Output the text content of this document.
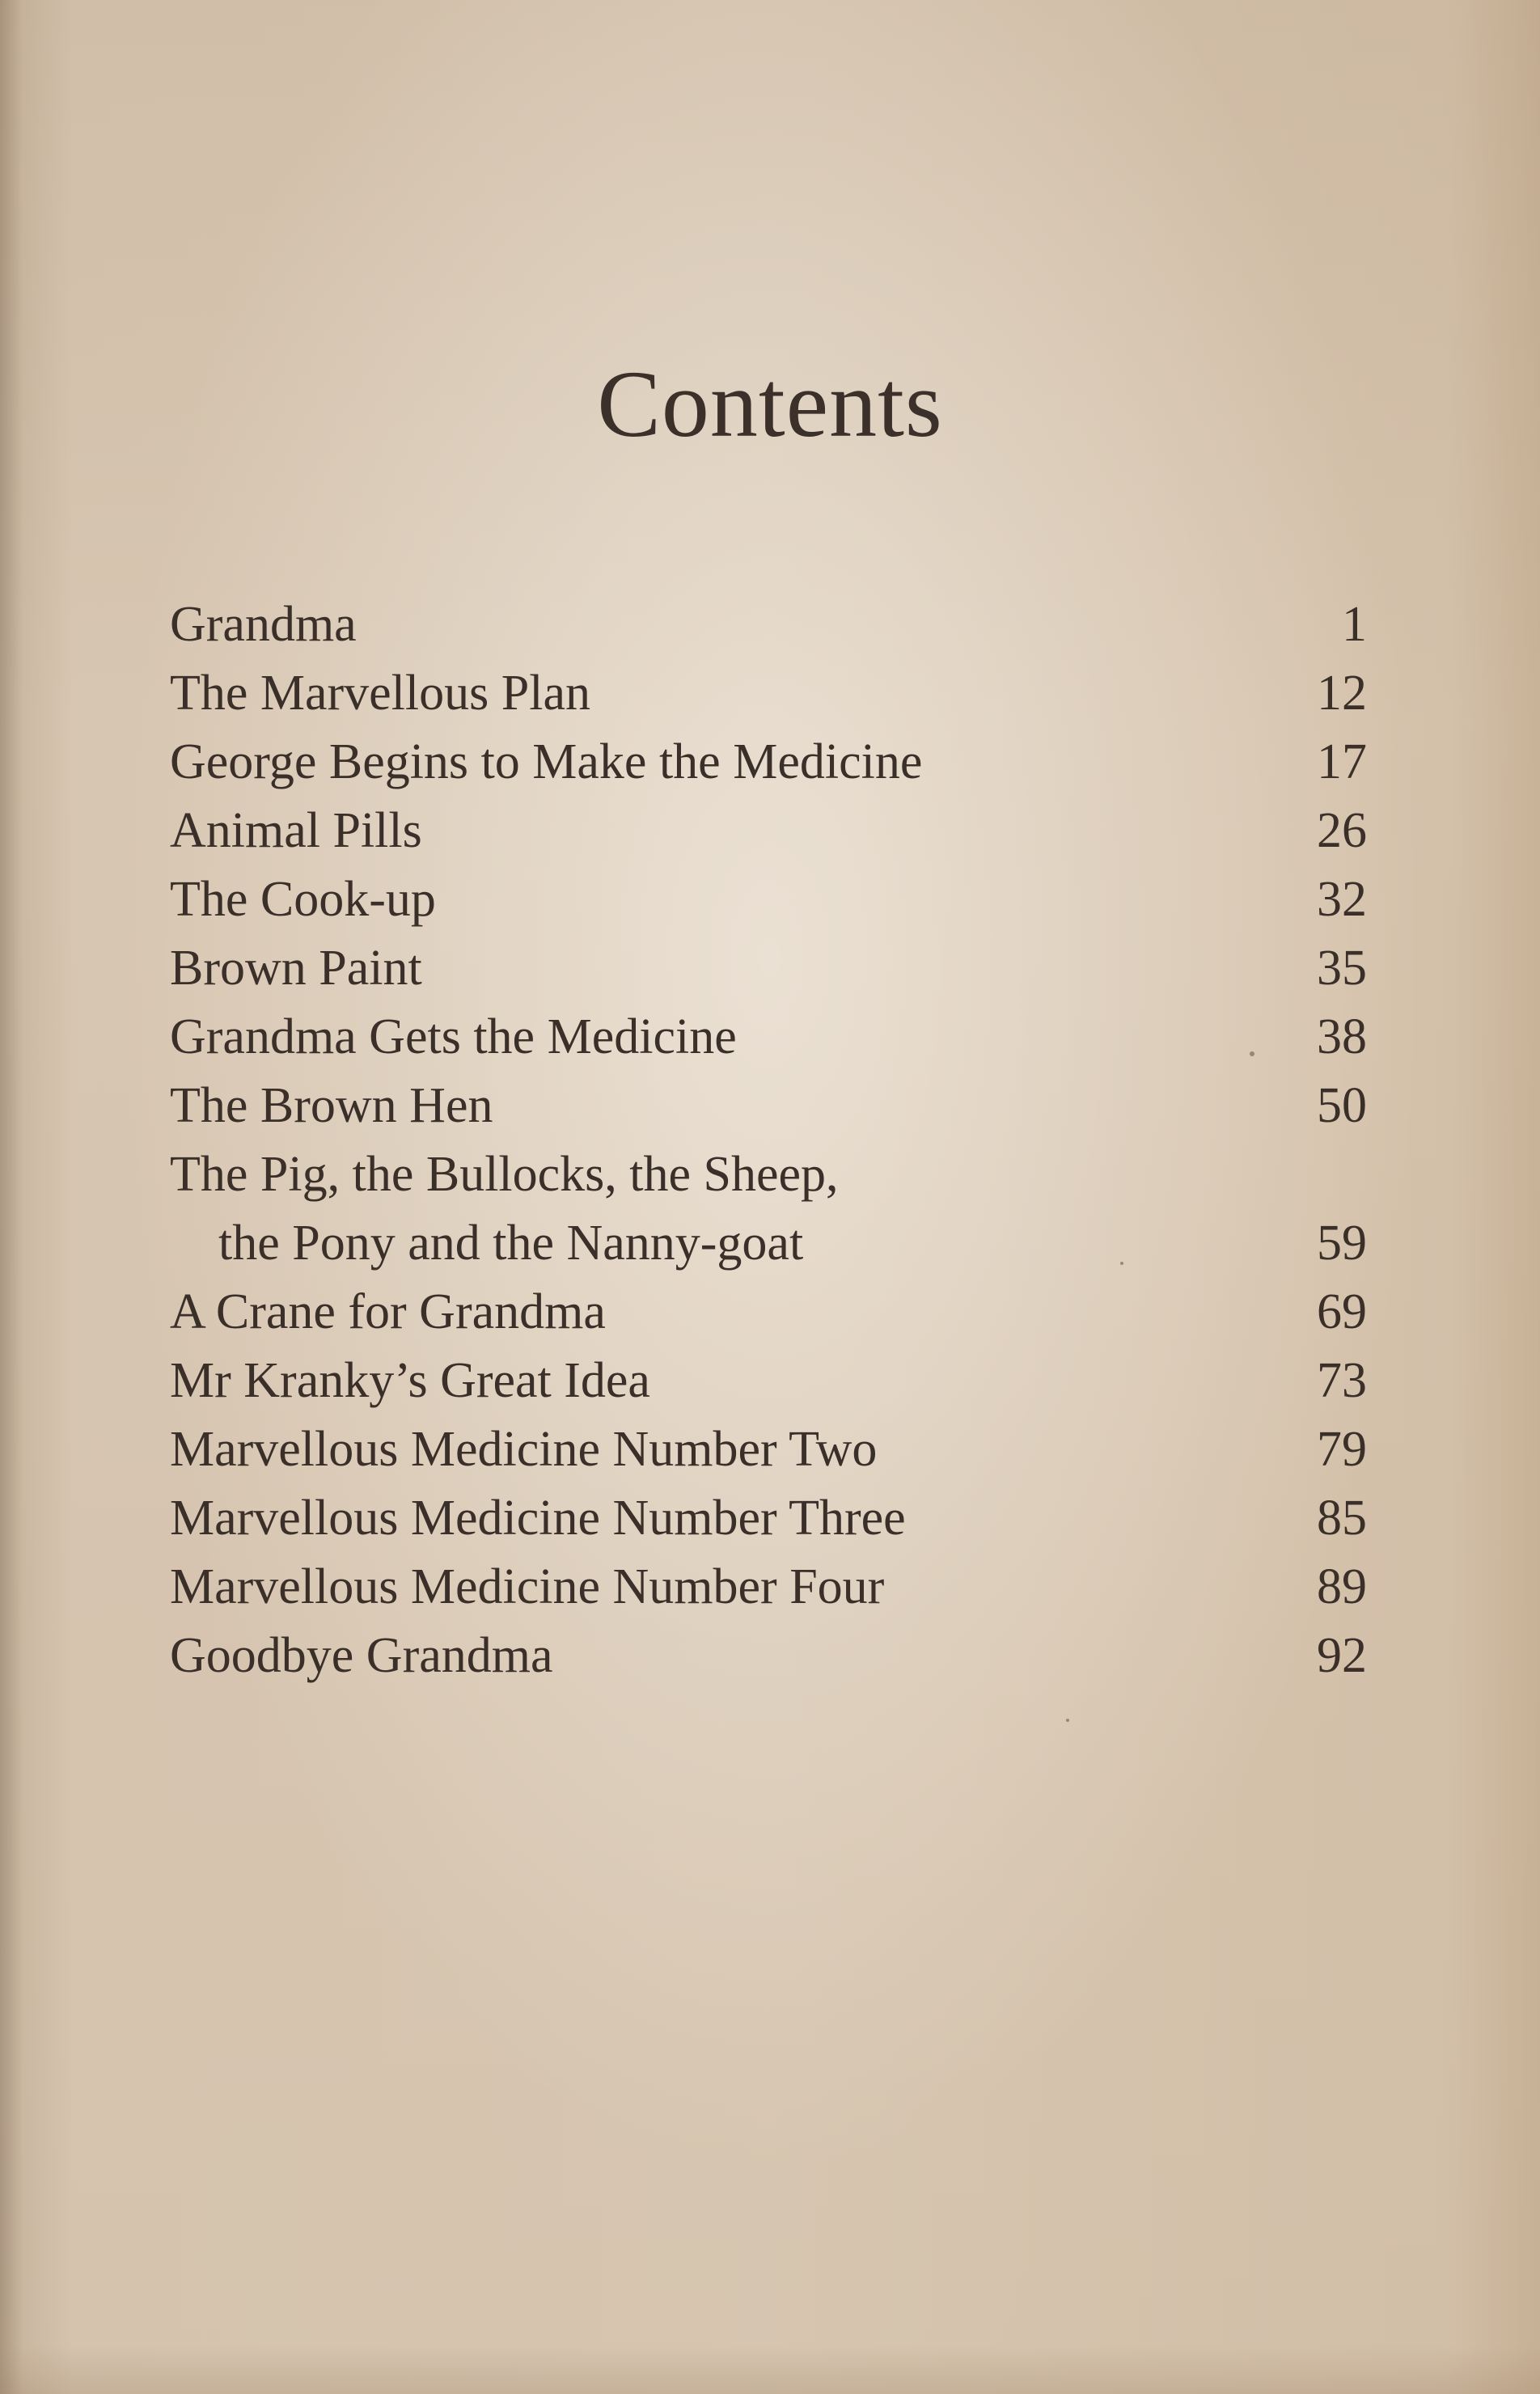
Contents
Grandma	1
The Marvellous Plan	12
George Begins to Make the Medicine	17
Animal Pills	26
The Cook-up	32
Brown Paint	35
Grandma Gets the Medicine	38
The Brown Hen	50
The Pig, the Bullocks, the Sheep,
the Pony and the Nanny-goat	59
A Crane for Grandma	69
Mr Kranky’s Great Idea	73
Marvellous Medicine Number Two	79
Marvellous Medicine Number Three	85
Marvellous Medicine Number Four	89
Goodbye Grandma	92
